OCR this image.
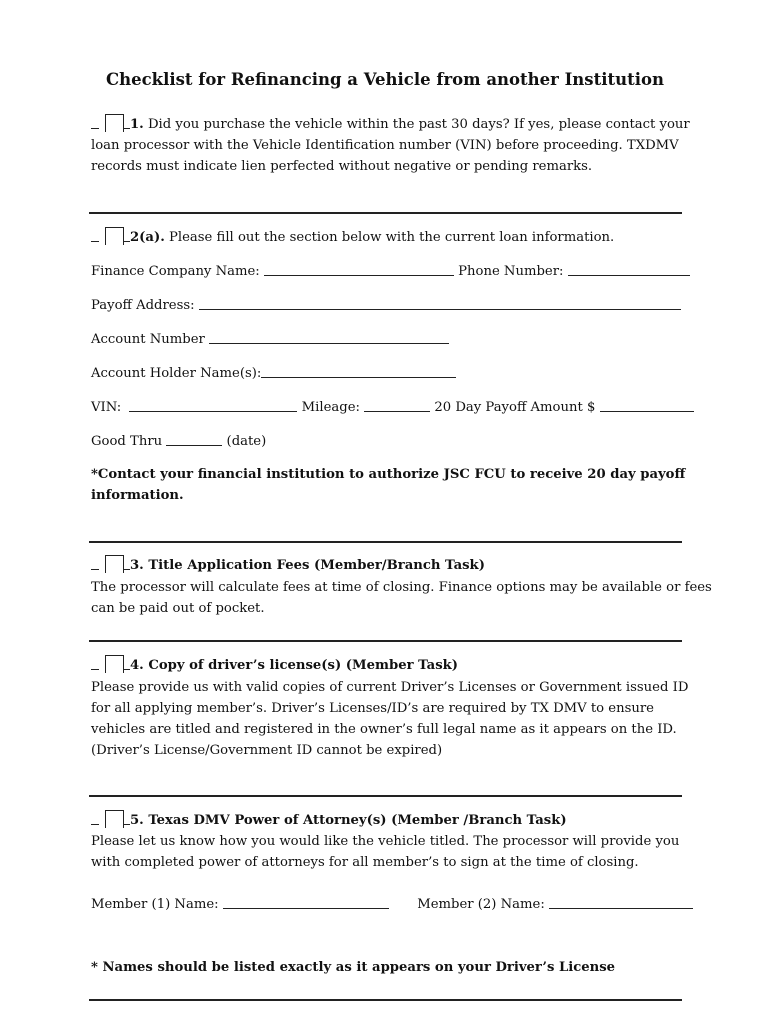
Checklist for Refinancing a Vehicle from another Institution
1. Did you purchase the vehicle within the past 30 days? If yes, please contact your
loan processor with the Vehicle Identification number (VIN) before proceeding. TXDMV
records must indicate lien perfected without negative or pending remarks.
2(a). Please fill out the section below with the current loan information.
Finance Company Name:	Phone Number:
Payoff Address:
Account Number
Account Holder Name(s):
VIN:	Mileage:	20 Day Payoff Amount $
Good Thru	(date)
*Contact your financial institution to authorize JSC FCU to receive 20 day payoff
information.
3. Title Application Fees (Member/Branch Task)
The processor will calculate fees at time of closing. Finance options may be available or fees
can be paid out of pocket.
4. Copy of driver’s license(s) (Member Task)
Please provide us with valid copies of current Driver’s Licenses or Government issued ID
for all applying member’s. Driver’s Licenses/ID’s are required by TX DMV to ensure
vehicles are titled and registered in the owner’s full legal name as it appears on the ID.
(Driver’s License/Government ID cannot be expired)
5. Texas DMV Power of Attorney(s) (Member /Branch Task)
Please let us know how you would like the vehicle titled. The processor will provide you
with completed power of attorneys for all member’s to sign at the time of closing.
Member (1) Name:	Member (2) Name:
* Names should be listed exactly as it appears on your Driver’s License
